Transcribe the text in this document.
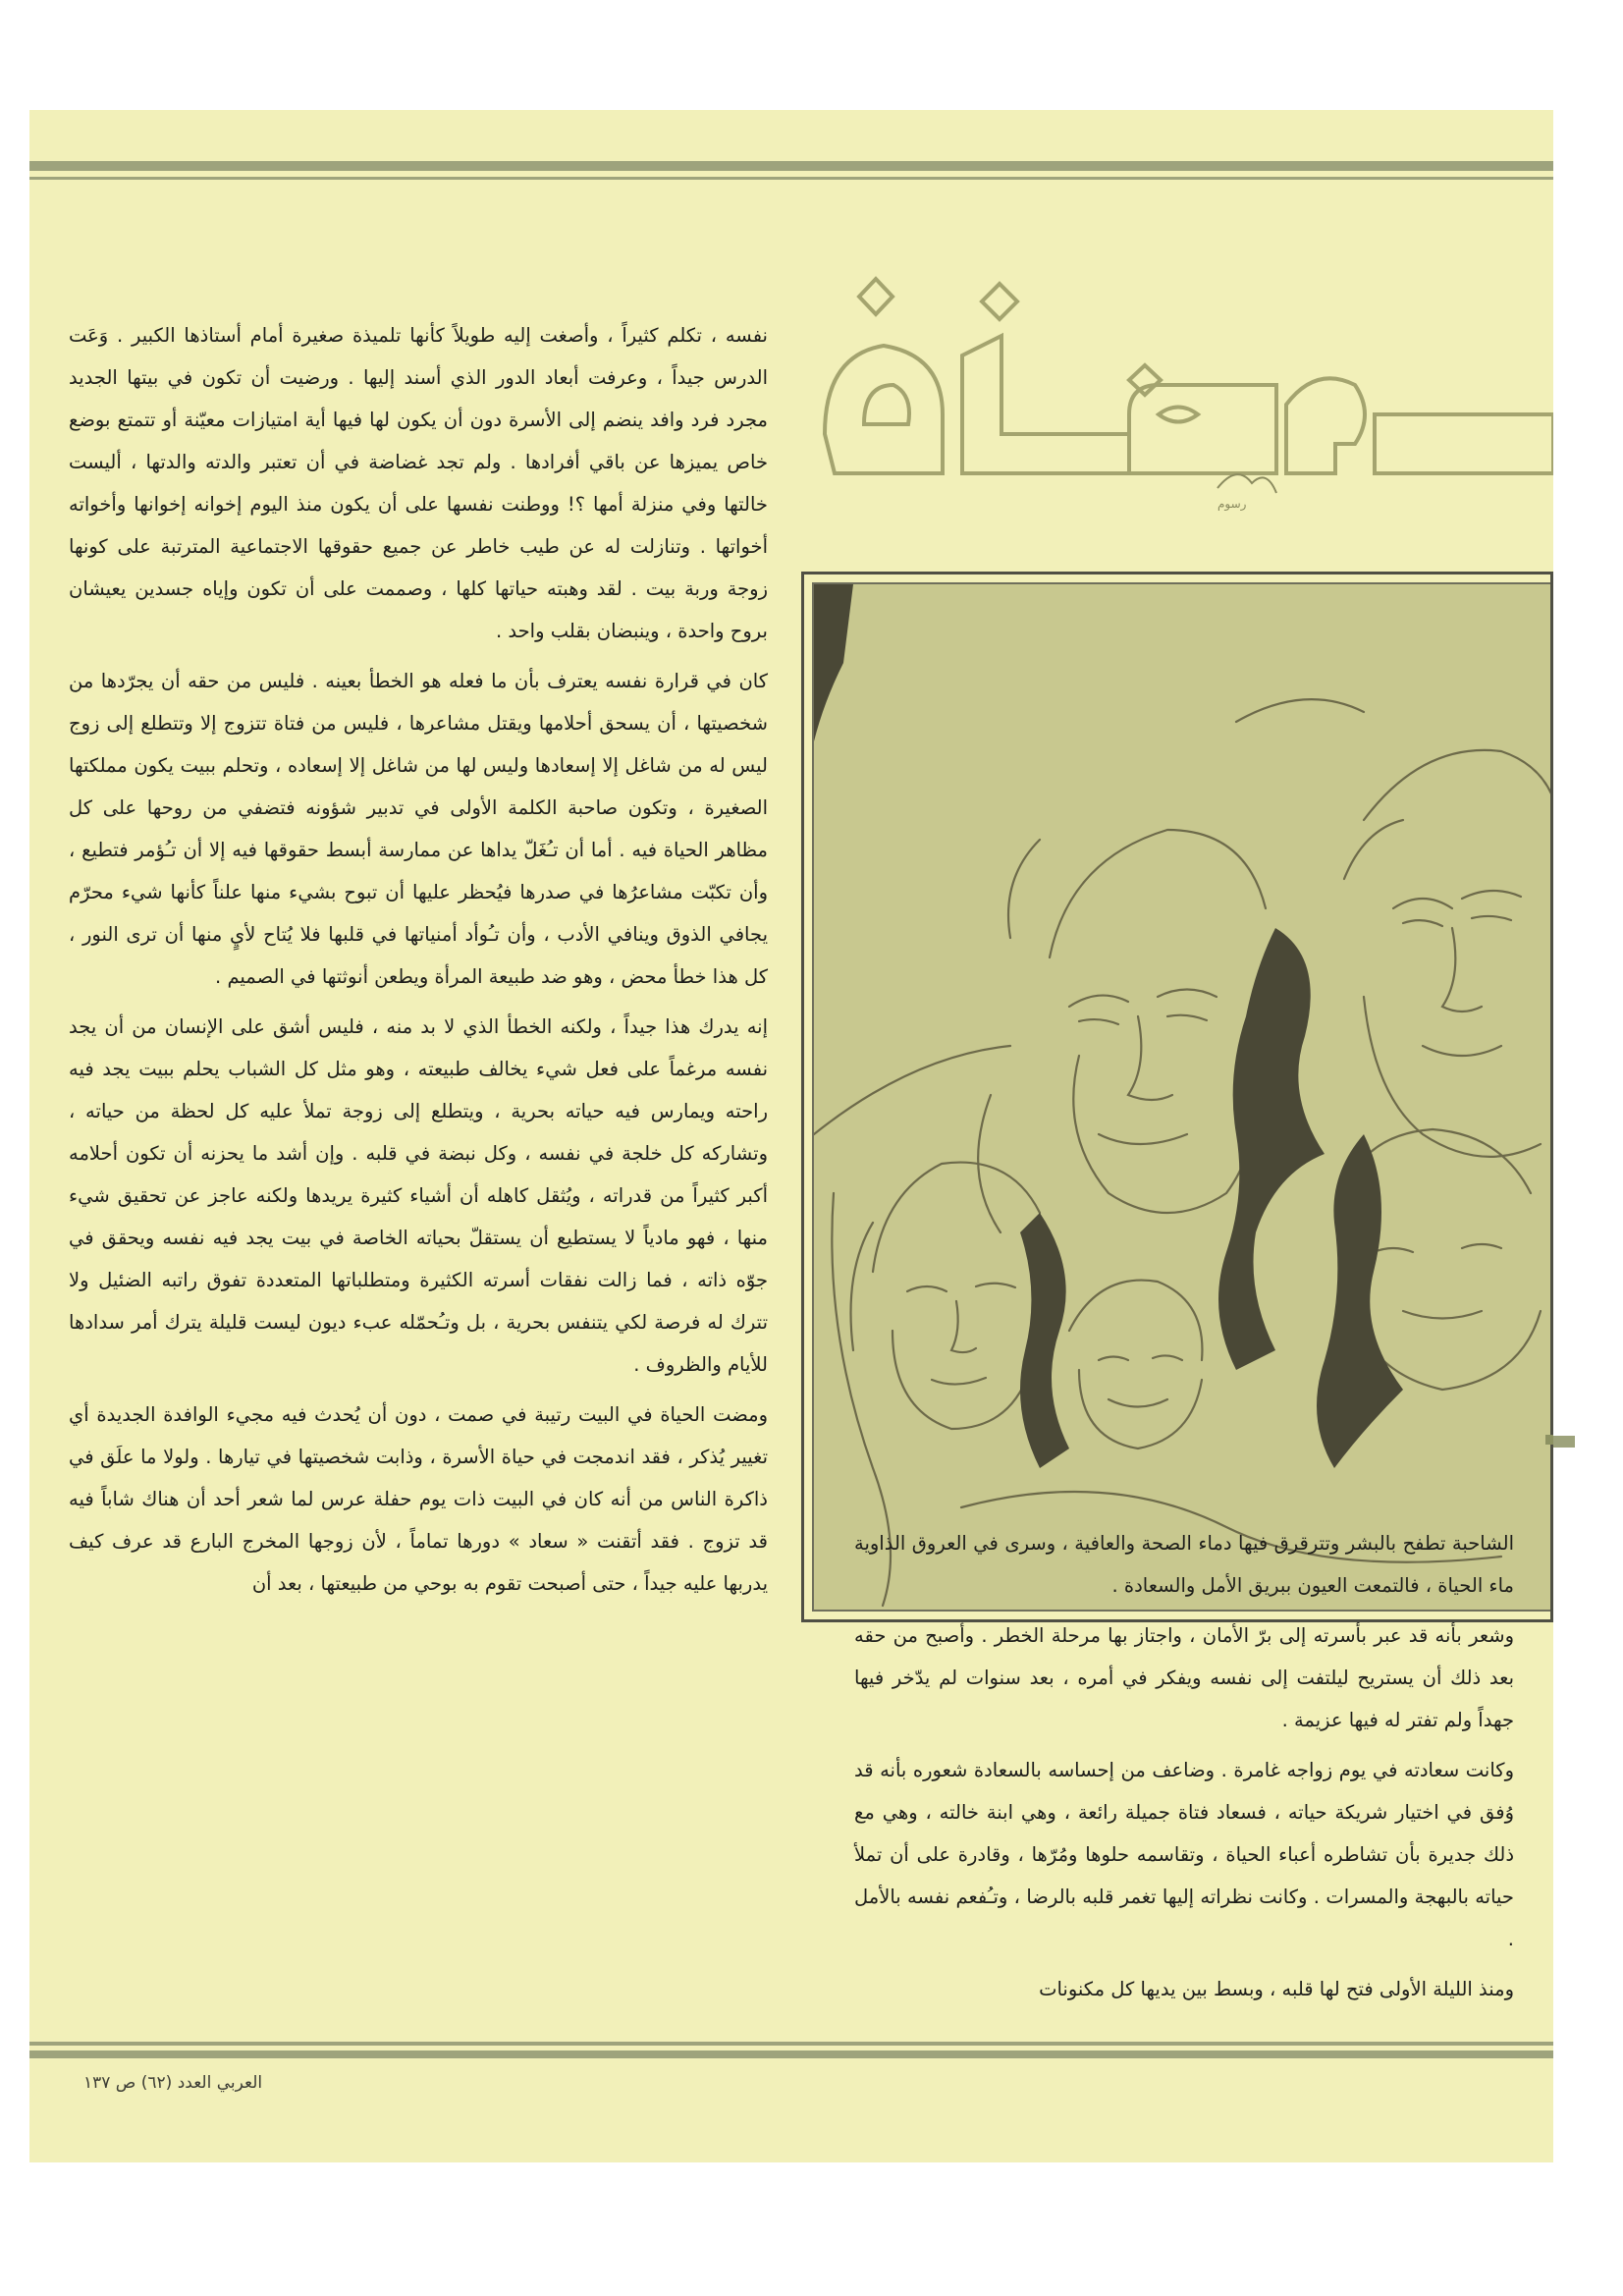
رسوم

نفسه ، تكلم كثيراً ، وأصغت إليه طويلاً كأنها تلميذة صغيرة أمام أستاذها الكبير . وَعَت الدرس جيداً ، وعرفت أبعاد الدور الذي أسند إليها . ورضيت أن تكون في بيتها الجديد مجرد فرد وافد ينضم إلى الأسرة دون أن يكون لها فيها أية امتيازات معيّنة أو تتمتع بوضع خاص يميزها عن باقي أفرادها . ولم تجد غضاضة في أن تعتبر والدته والدتها ، أليست خالتها وفي منزلة أمها ؟! ووطنت نفسها على أن يكون منذ اليوم إخوانه إخوانها وأخواته أخواتها . وتنازلت له عن طيب خاطر عن جميع حقوقها الاجتماعية المترتبة على كونها زوجة وربة بيت . لقد وهبته حياتها كلها ، وصممت على أن تكون وإياه جسدين يعيشان بروح واحدة ، وينبضان بقلب واحد .

كان في قرارة نفسه يعترف بأن ما فعله هو الخطأ بعينه . فليس من حقه أن يجرّدها من شخصيتها ، أن يسحق أحلامها ويقتل مشاعرها ، فليس من فتاة تتزوج إلا وتتطلع إلى زوج ليس له من شاغل إلا إسعادها وليس لها من شاغل إلا إسعاده ، وتحلم ببيت يكون مملكتها الصغيرة ، وتكون صاحبة الكلمة الأولى في تدبير شؤونه فتضفي من روحها على كل مظاهر الحياة فيه . أما أن تـُغَلّ يداها عن ممارسة أبسط حقوقها فيه إلا أن تـُؤمر فتطيع ، وأن تكبّت مشاعرُها في صدرها فيُحظر عليها أن تبوح بشيء منها علناً كأنها شيء محرّم يجافي الذوق وينافي الأدب ، وأن تـُوأد أمنياتها في قلبها فلا يُتاح لأيٍ منها أن ترى النور ، كل هذا خطأ محض ، وهو ضد طبيعة المرأة ويطعن أنوثتها في الصميم .

إنه يدرك هذا جيداً ، ولكنه الخطأ الذي لا بد منه ، فليس أشق على الإنسان من أن يجد نفسه مرغماً على فعل شيء يخالف طبيعته ، وهو مثل كل الشباب يحلم ببيت يجد فيه راحته ويمارس فيه حياته بحرية ، ويتطلع إلى زوجة تملأ عليه كل لحظة من حياته ، وتشاركه كل خلجة في نفسه ، وكل نبضة في قلبه . وإن أشد ما يحزنه أن تكون أحلامه أكبر كثيراً من قدراته ، ويُثقل كاهله أن أشياء كثيرة يريدها ولكنه عاجز عن تحقيق شيء منها ، فهو مادياً لا يستطيع أن يستقلّ بحياته الخاصة في بيت يجد فيه نفسه ويحقق في جوّه ذاته ، فما زالت نفقات أسرته الكثيرة ومتطلباتها المتعددة تفوق راتبه الضئيل ولا تترك له فرصة لكي يتنفس بحرية ، بل وتـُحمّله عبء ديون ليست قليلة يترك أمر سدادها للأيام والظروف .

ومضت الحياة في البيت رتيبة في صمت ، دون أن يُحدث فيه مجيء الوافدة الجديدة أي تغيير يُذكر ، فقد اندمجت في حياة الأسرة ، وذابت شخصيتها في تيارها . ولولا ما علَق في ذاكرة الناس من أنه كان في البيت ذات يوم حفلة عرس لما شعر أحد أن هناك شاباً فيه قد تزوج . فقد أتقنت « سعاد » دورها تماماً ، لأن زوجها المخرج البارع قد عرف كيف يدربها عليه جيداً ، حتى أصبحت تقوم به بوحي من طبيعتها ، بعد أن

الشاحبة تطفح بالبشر وتترقرق فيها دماء الصحة والعافية ، وسرى في العروق الذاوية ماء الحياة ، فالتمعت العيون ببريق الأمل والسعادة .

وشعر بأنه قد عبر بأسرته إلى برّ الأمان ، واجتاز بها مرحلة الخطر . وأصبح من حقه بعد ذلك أن يستريح ليلتفت إلى نفسه ويفكر في أمره ، بعد سنوات لم يدّخر فيها جهداً ولم تفتر له فيها عزيمة .

وكانت سعادته في يوم زواجه غامرة . وضاعف من إحساسه بالسعادة شعوره بأنه قد وُفق في اختيار شريكة حياته ، فسعاد فتاة جميلة رائعة ، وهي ابنة خالته ، وهي مع ذلك جديرة بأن تشاطره أعباء الحياة ، وتقاسمه حلوها ومُرّها ، وقادرة على أن تملأ حياته بالبهجة والمسرات . وكانت نظراته إليها تغمر قلبه بالرضا ، وتـُفعم نفسه بالأمل .

ومنذ الليلة الأولى فتح لها قلبه ، وبسط بين يديها كل مكنونات

العربي العدد (٦٢) ص ١٣٧
